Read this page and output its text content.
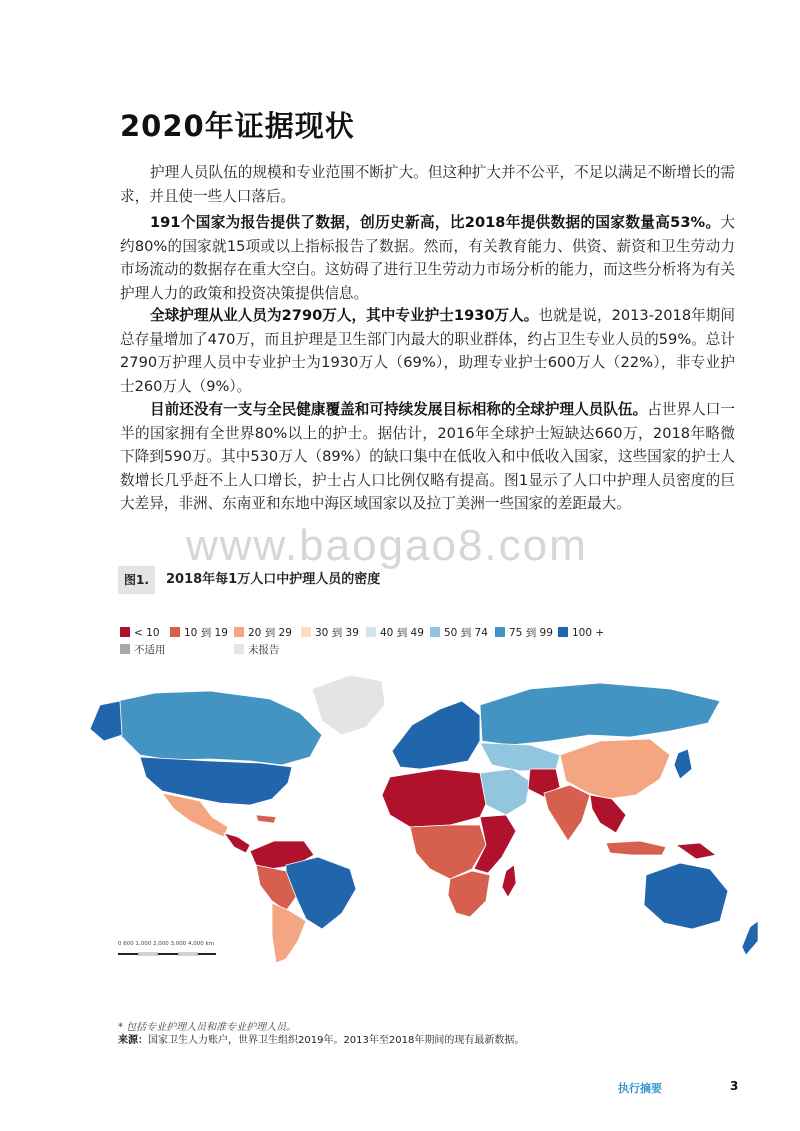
2020年证据现状

护理人员队伍的规模和专业范围不断扩大。但这种扩大并不公平，不足以满足不断增长的需求，并且使一些人口落后。

191个国家为报告提供了数据，创历史新高，比2018年提供数据的国家数量高53%。大约80%的国家就15项或以上指标报告了数据。然而，有关教育能力、供资、薪资和卫生劳动力市场流动的数据存在重大空白。这妨碍了进行卫生劳动力市场分析的能力，而这些分析将为有关护理人力的政策和投资决策提供信息。

全球护理从业人员为2790万人，其中专业护士1930万人。也就是说，2013-2018年期间总存量增加了470万，而且护理是卫生部门内最大的职业群体，约占卫生专业人员的59%。总计2790万护理人员中专业护士为1930万人（69%），助理专业护士600万人（22%），非专业护士260万人（9%）。

目前还没有一支与全民健康覆盖和可持续发展目标相称的全球护理人员队伍。占世界人口一半的国家拥有全世界80%以上的护士。据估计，2016年全球护士短缺达660万，2018年略微下降到590万。其中530万人（89%）的缺口集中在低收入和中低收入国家，这些国家的护士人数增长几乎赶不上人口增长，护士占人口比例仅略有提高。图1显示了人口中护理人员密度的巨大差异，非洲、东南亚和东地中海区域国家以及拉丁美洲一些国家的差距最大。

www.baogao8.com
图1.	2018年每1万人口中护理人员的密度
< 10	10 到 19	20 到 29	30 到 39	40 到 49	50 到 74	75 到 99	100 +
不适用	未报告
0 600 1,000 2,000 3,000 4,000 km
* 包括专业护理人员和准专业护理人员。
来源：国家卫生人力账户，世界卫生组织2019年。2013年至2018年期间的现有最新数据。
执行摘要	3
